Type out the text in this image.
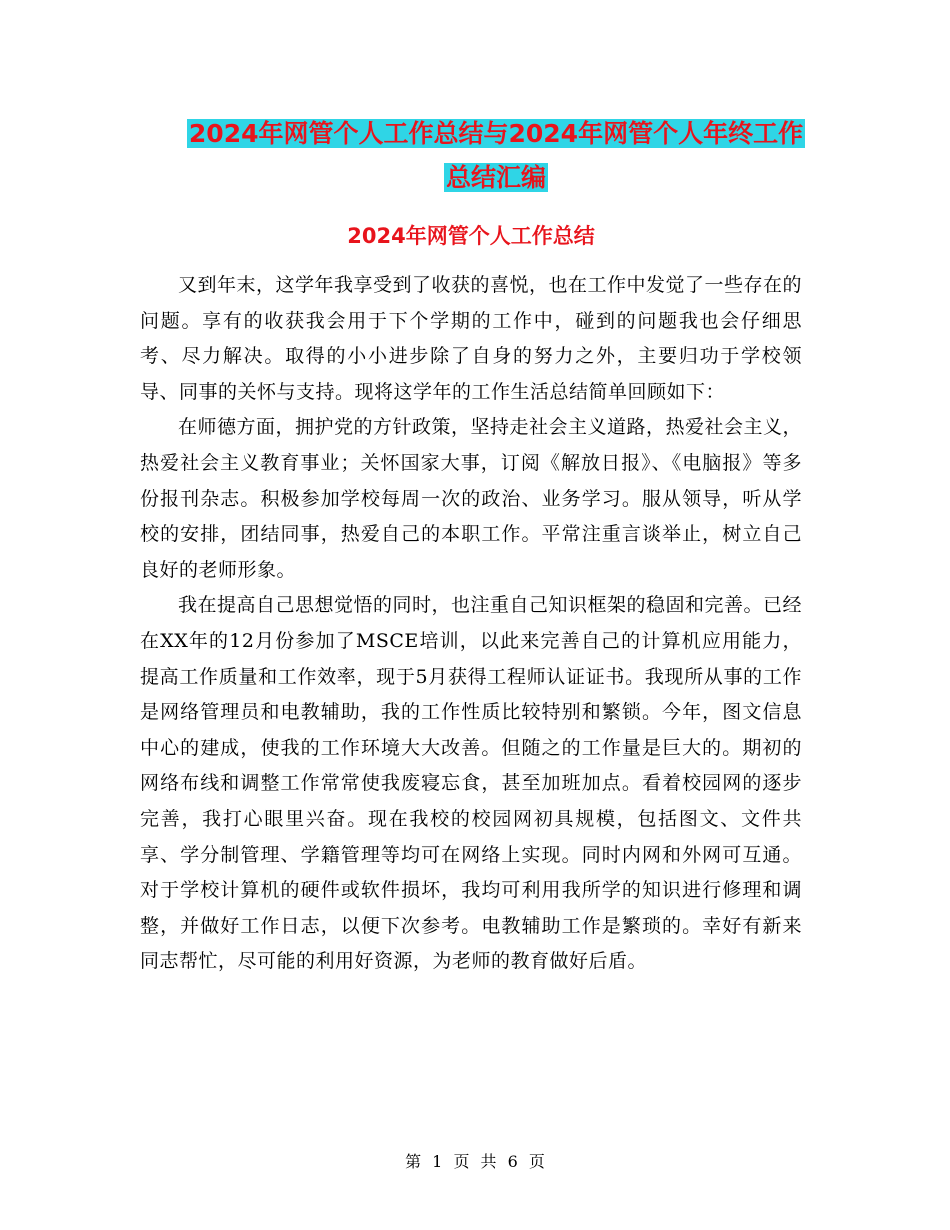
2024年网管个人工作总结与2024年网管个人年终工作
总结汇编
2024年网管个人工作总结

又到年末，这学年我享受到了收获的喜悦，也在工作中发觉了一些存在的问题。享有的收获我会用于下个学期的工作中，碰到的问题我也会仔细思考、尽力解决。取得的小小进步除了自身的努力之外，主要归功于学校领导、同事的关怀与支持。现将这学年的工作生活总结简单回顾如下：

在师德方面，拥护党的方针政策，坚持走社会主义道路，热爱社会主义，热爱社会主义教育事业；关怀国家大事，订阅《解放日报》、《电脑报》等多份报刊杂志。积极参加学校每周一次的政治、业务学习。服从领导，听从学校的安排，团结同事，热爱自己的本职工作。平常注重言谈举止，树立自己良好的老师形象。

我在提高自己思想觉悟的同时，也注重自己知识框架的稳固和完善。已经在XX年的12月份参加了MSCE培训，以此来完善自己的计算机应用能力，提高工作质量和工作效率，现于5月获得工程师认证证书。我现所从事的工作是网络管理员和电教辅助，我的工作性质比较特别和繁锁。今年，图文信息中心的建成，使我的工作环境大大改善。但随之的工作量是巨大的。期初的网络布线和调整工作常常使我废寝忘食，甚至加班加点。看着校园网的逐步完善，我打心眼里兴奋。现在我校的校园网初具规模，包括图文、文件共享、学分制管理、学籍管理等均可在网络上实现。同时内网和外网可互通。对于学校计算机的硬件或软件损坏，我均可利用我所学的知识进行修理和调整，并做好工作日志，以便下次参考。电教辅助工作是繁琐的。幸好有新来同志帮忙，尽可能的利用好资源，为老师的教育做好后盾。

第 1 页 共 6 页
